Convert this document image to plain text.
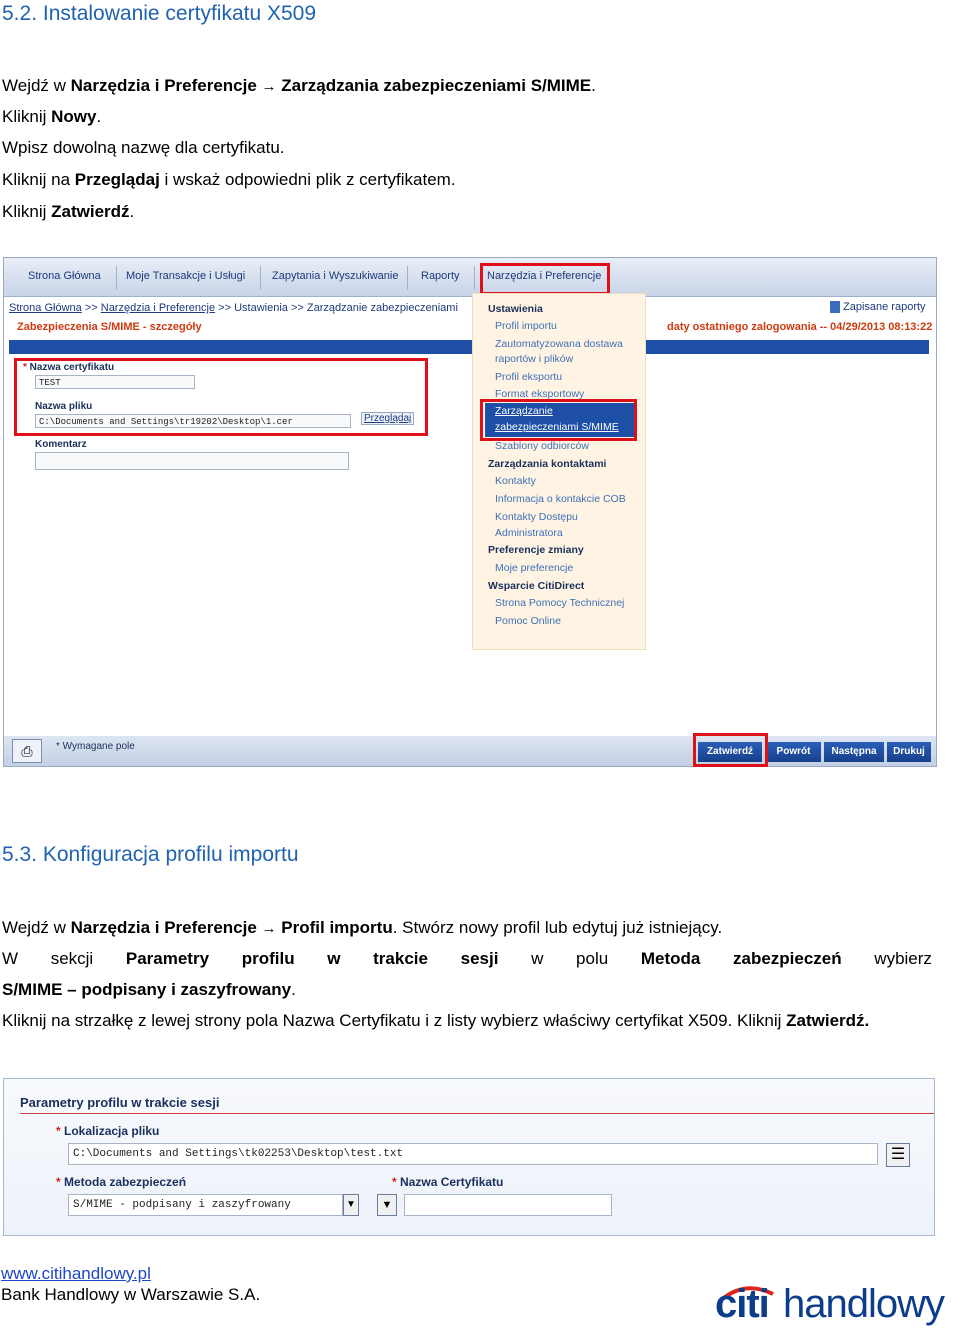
5.2. Instalowanie certyfikatu X509
Wejdź w Narzędzia i Preferencje → Zarządzania zabezpieczeniami S/MIME.
Kliknij Nowy.
Wpisz dowolną nazwę dla certyfikatu.
Kliknij na Przeglądaj i wskaż odpowiedni plik z certyfikatem.
Kliknij Zatwierdź.
Strona Główna Moje Transakcje i Usługi Zapytania i Wyszukiwanie Raporty Narzędzia i Preferencje
Strona Główna >> Narzędzia i Preferencje >> Ustawienia >> Zarządzanie zabezpieczeniami
Zabezpieczenia S/MIME - szczegóły
Zapisane raporty
daty ostatniego zalogowania -- 04/29/2013 08:13:22
* Nazwa certyfikatu
TEST
Nazwa pliku
C:\Documents and Settings\tr19202\Desktop\1.cer	Przeglądaj
Komentarz
Ustawienia
Profil importu
Zautomatyzowana dostawa
raportów i plików
Profil eksportu
Format eksportowy
Zarządzanie
zabezpieczeniami S/MIME
Szablony odbiorców
Zarządzania kontaktami
Kontakty
Informacja o kontakcie COB
Kontakty Dostępu
Administratora
Preferencje zmiany
Moje preferencje
Wsparcie CitiDirect
Strona Pomocy Technicznej
Pomoc Online
⎙	* Wymagane pole	Zatwierdź	Powrót	Następna	Drukuj
5.3. Konfiguracja profilu importu
Wejdź w Narzędzia i Preferencje → Profil importu. Stwórz nowy profil lub edytuj już istniejący.
W sekcji Parametry profilu w trakcie sesji w polu Metoda zabezpieczeń wybierz
S/MIME – podpisany i zaszyfrowany.
Kliknij na strzałkę z lewej strony pola Nazwa Certyfikatu i z listy wybierz właściwy certyfikat X509. Kliknij Zatwierdź.
Parametry profilu w trakcie sesji
* Lokalizacja pliku
C:\Documents and Settings\tk02253\Desktop\test.txt	☰
* Metoda zabezpieczeń
S/MIME - podpisany i zaszyfrowany	▼
* Nazwa Certyfikatu
▼
www.citihandlowy.pl
Bank Handlowy w Warszawie S.A.	citi handlowy
